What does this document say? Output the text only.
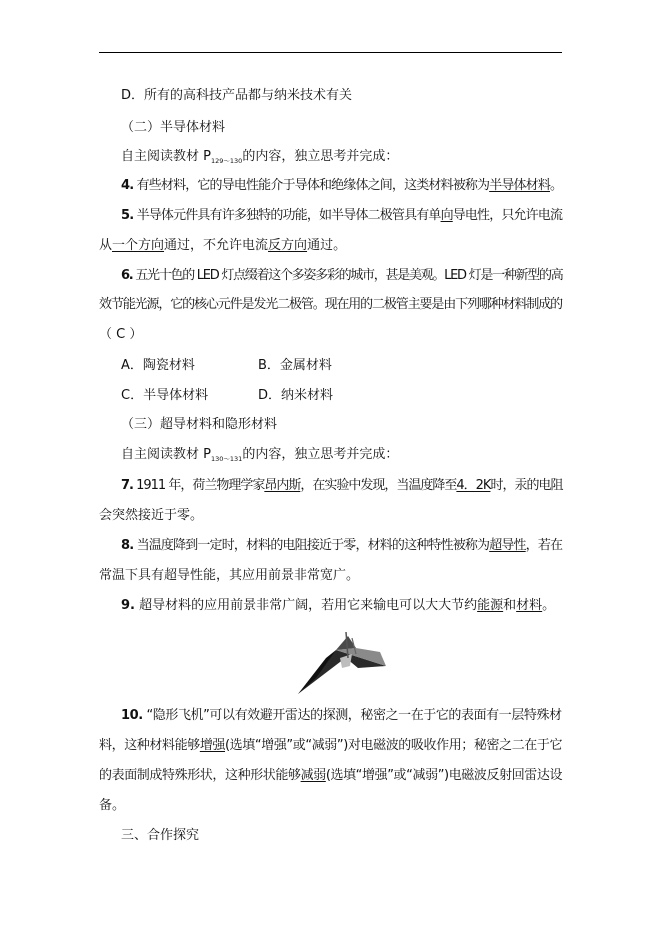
D．所有的高科技产品都与纳米技术有关
（二）半导体材料
自主阅读教材 $P_{129\sim 130}$的内容，独立思考并完成：
4. 有些材料，它的导电性能介于导体和绝缘体之间，这类材料被称为半导体材料。
5. 半导体元件具有许多独特的功能，如半导体二极管具有单向导电性，只允许电流
从一个方向通过，不允许电流反方向通过。
6. 五光十色的 LED 灯点缀着这个多姿多彩的城市，甚是美观。LED 灯是一种新型的高
效节能光源，它的核心元件是发光二极管。现在用的二极管主要是由下列哪种材料制成的
（ C ）
A．陶瓷材料	B．金属材料
C．半导体材料	D．纳米材料
（三）超导材料和隐形材料
自主阅读教材 $P_{130\sim 131}$的内容，独立思考并完成：
7. 1911 年，荷兰物理学家昂内斯，在实验中发现，当温度降至4．2K时，汞的电阻
会突然接近于零。
8. 当温度降到一定时，材料的电阻接近于零，材料的这种特性被称为超导性，若在
常温下具有超导性能，其应用前景非常宽广。
9. 超导材料的应用前景非常广阔，若用它来输电可以大大节约能源和材料。
10. “隐形飞机”可以有效避开雷达的探测，秘密之一在于它的表面有一层特殊材
料，这种材料能够增强(选填“增强”或“减弱”)对电磁波的吸收作用；秘密之二在于它
的表面制成特殊形状，这种形状能够减弱(选填“增强”或“减弱”)电磁波反射回雷达设
备。
三、合作探究
